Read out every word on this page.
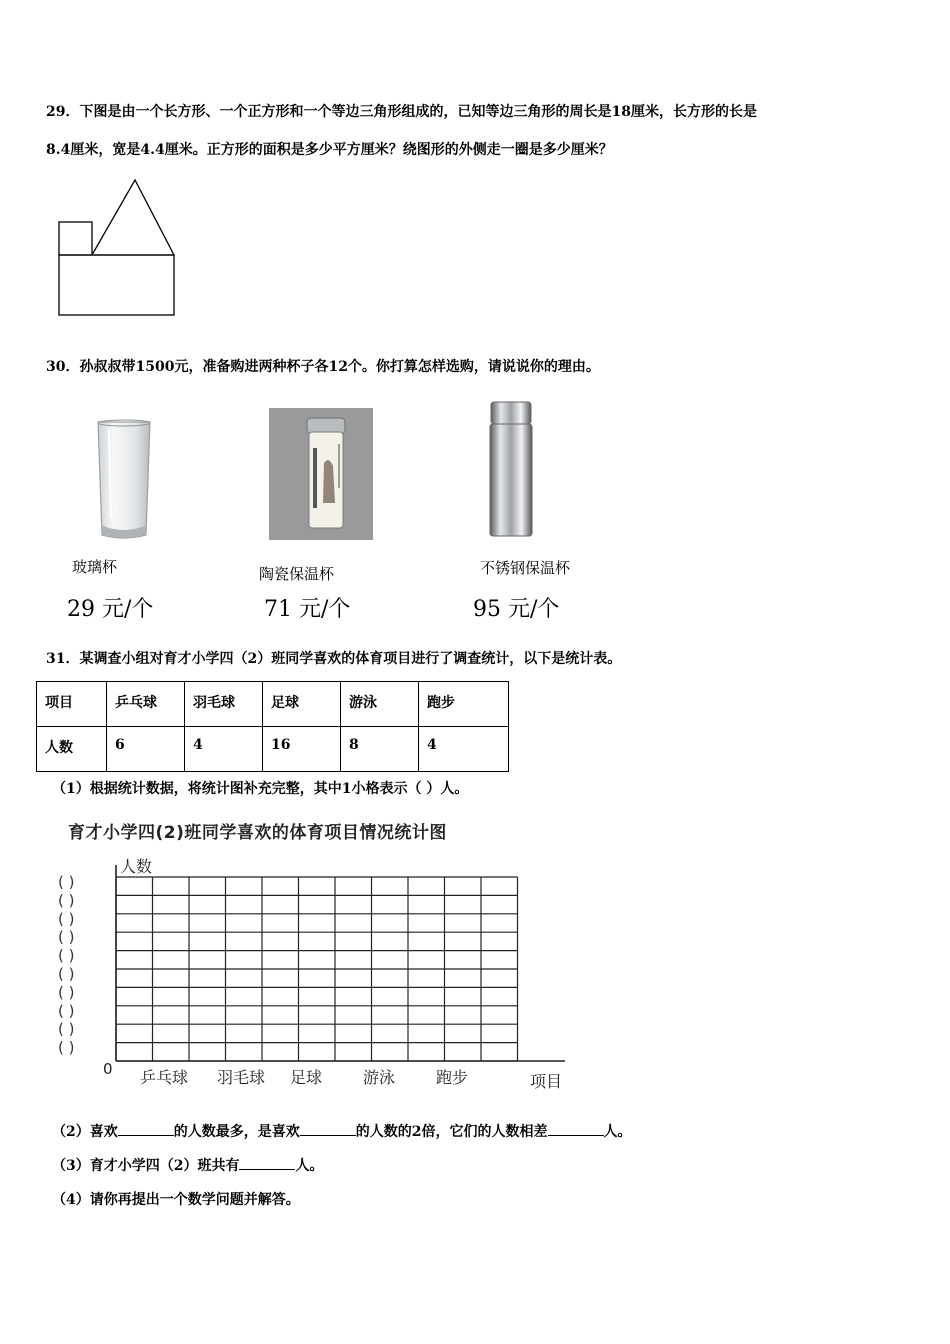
29．下图是由一个长方形、一个正方形和一个等边三角形组成的，已知等边三角形的周长是18厘米，长方形的长是
8.4厘米，宽是4.4厘米。正方形的面积是多少平方厘米？绕图形的外侧走一圈是多少厘米？
30．孙叔叔带1500元，准备购进两种杯子各12个。你打算怎样选购，请说说你的理由。
玻璃杯	陶瓷保温杯	不锈钢保温杯
29 元/个	71 元/个	95 元/个
31．某调查小组对育才小学四（2）班同学喜欢的体育项目进行了调查统计，以下是统计表。
项目	乒乓球	羽毛球	足球	游泳	跑步
人数	6	4	16	8	4
（1）根据统计数据，将统计图补充完整，其中1小格表示（ ）人。
育才小学四(2)班同学喜欢的体育项目情况统计图
( )
( )
( )
( )
( )
( )
( )
( )
( )
( )
乒乓球 羽毛球 足球	游泳	跑步
人数
项目
0
（2）喜欢	的人数最多，是喜欢	的人数的2倍，它们的人数相差	人。
（3）育才小学四（2）班共有	人。
（4）请你再提出一个数学问题并解答。
